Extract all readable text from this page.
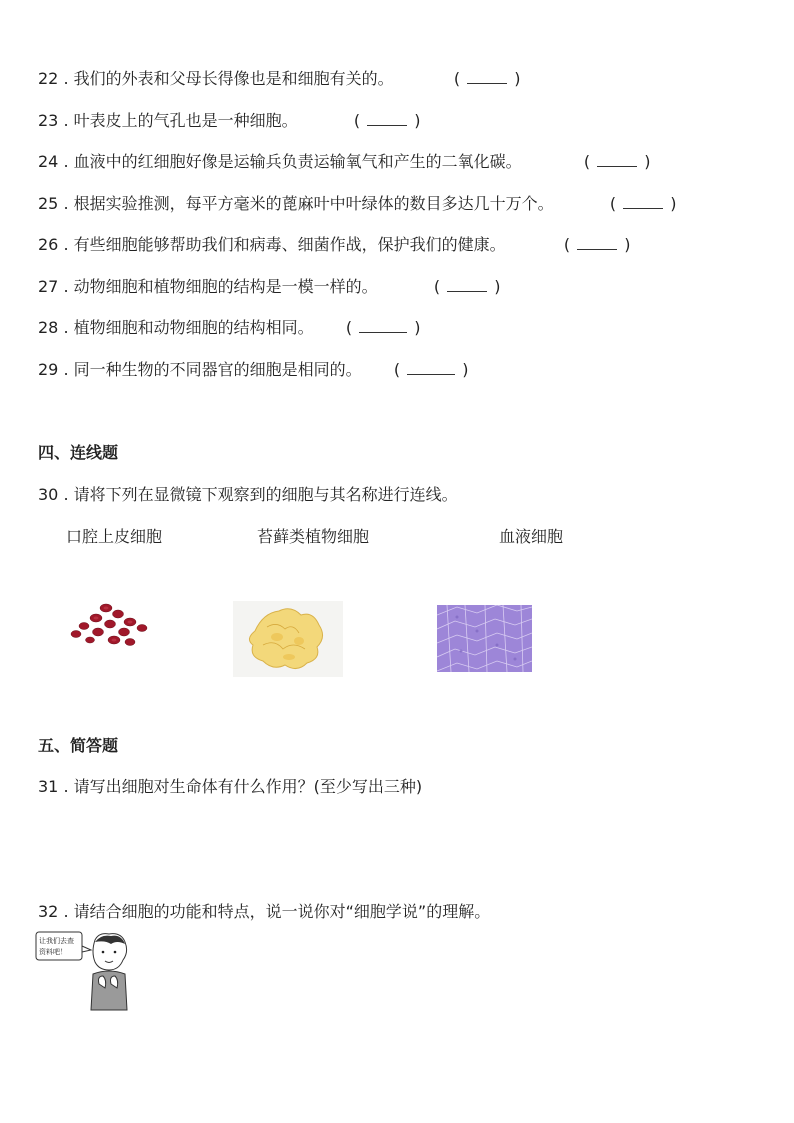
22 . 我们的外表和父母长得像也是和细胞有关的。	(	)
23 . 叶表皮上的气孔也是一种细胞。	(	)
24 . 血液中的红细胞好像是运输兵负责运输氧气和产生的二氧化碳。	(	)
25 . 根据实验推测，每平方毫米的蓖麻叶中叶绿体的数目多达几十万个。	(	)
26 . 有些细胞能够帮助我们和病毒、细菌作战，保护我们的健康。	(	)
27 . 动物细胞和植物细胞的结构是一模一样的。	(	)
28 . 植物细胞和动物细胞的结构相同。 (	)
29 . 同一种生物的不同器官的细胞是相同的。 (	)
四、连线题
30 . 请将下列在显微镜下观察到的细胞与其名称进行连线。
口腔上皮细胞	苔藓类植物细胞	血液细胞
五、简答题
31 . 请写出细胞对生命体有什么作用？(至少写出三种)
32 . 请结合细胞的功能和特点，说一说你对“细胞学说”的理解。
让我们去查
资料吧！
